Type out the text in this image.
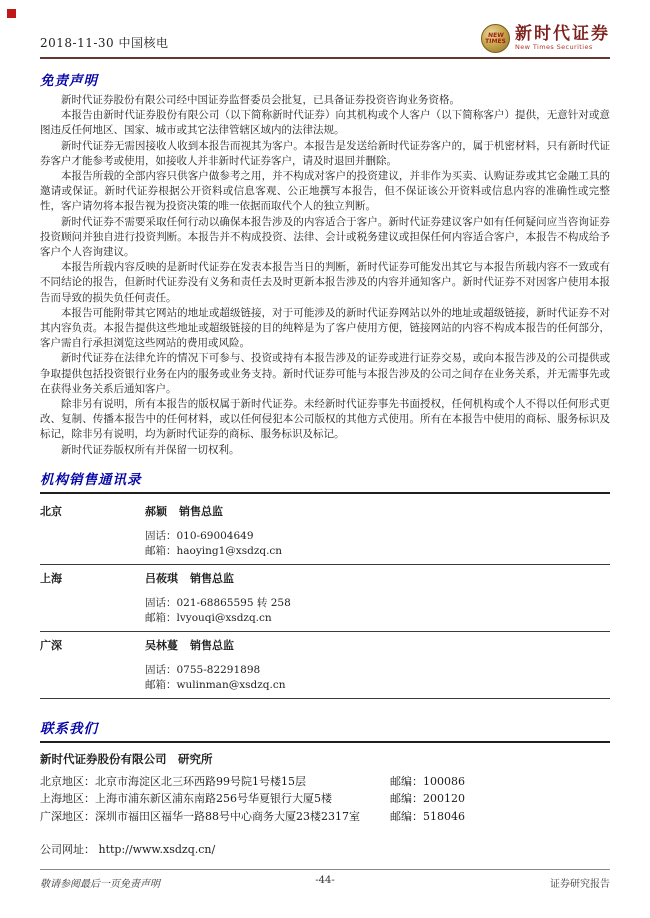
2018-11-30 中国核电
NEW
TIMES 新时代证券
New Times Securities
免责声明

新时代证券股份有限公司经中国证券监督委员会批复，已具备证券投资咨询业务资格。

本报告由新时代证券股份有限公司（以下简称新时代证券）向其机构或个人客户（以下简称客户）提供，无意针对或意图违反任何地区、国家、城市或其它法律管辖区域内的法律法规。

新时代证券无需因接收人收到本报告而视其为客户。本报告是发送给新时代证券客户的，属于机密材料，只有新时代证券客户才能参考或使用，如接收人并非新时代证券客户，请及时退回并删除。

本报告所载的全部内容只供客户做参考之用，并不构成对客户的投资建议，并非作为买卖、认购证券或其它金融工具的邀请或保证。新时代证券根据公开资料或信息客观、公正地撰写本报告，但不保证该公开资料或信息内容的准确性或完整性，客户请勿将本报告视为投资决策的唯一依据而取代个人的独立判断。

新时代证券不需要采取任何行动以确保本报告涉及的内容适合于客户。新时代证券建议客户如有任何疑问应当咨询证券投资顾问并独自进行投资判断。本报告并不构成投资、法律、会计或税务建议或担保任何内容适合客户，本报告不构成给予客户个人咨询建议。

本报告所载内容反映的是新时代证券在发表本报告当日的判断，新时代证券可能发出其它与本报告所载内容不一致或有不同结论的报告，但新时代证券没有义务和责任去及时更新本报告涉及的内容并通知客户。新时代证券不对因客户使用本报告而导致的损失负任何责任。

本报告可能附带其它网站的地址或超级链接，对于可能涉及的新时代证券网站以外的地址或超级链接，新时代证券不对其内容负责。本报告提供这些地址或超级链接的目的纯粹是为了客户使用方便，链接网站的内容不构成本报告的任何部分，客户需自行承担浏览这些网站的费用或风险。

新时代证券在法律允许的情况下可参与、投资或持有本报告涉及的证券或进行证券交易，或向本报告涉及的公司提供或争取提供包括投资银行业务在内的服务或业务支持。新时代证券可能与本报告涉及的公司之间存在业务关系，并无需事先或在获得业务关系后通知客户。

除非另有说明，所有本报告的版权属于新时代证券。未经新时代证券事先书面授权，任何机构或个人不得以任何形式更改、复制、传播本报告中的任何材料，或以任何侵犯本公司版权的其他方式使用。所有在本报告中使用的商标、服务标识及标记，除非另有说明，均为新时代证券的商标、服务标识及标记。

新时代证券版权所有并保留一切权利。

机构销售通讯录
北京	郝颖 销售总监
固话：010-69004649
邮箱：haoying1@xsdzq.cn
上海	吕莜琪 销售总监
固话：021-68865595 转 258
邮箱：lvyouqi@xsdzq.cn
广深	吴林蔓 销售总监
固话：0755-82291898
邮箱：wulinman@xsdzq.cn
联系我们
新时代证券股份有限公司　研究所
北京地区：北京市海淀区北三环西路99号院1号楼15层	邮编：100086
上海地区：上海市浦东新区浦东南路256号华夏银行大厦5楼	邮编：200120
广深地区：深圳市福田区福华一路88号中心商务大厦23楼2317室	邮编：518046
公司网址： http://www.xsdzq.cn/
敬请参阅最后一页免责声明	-44-	证券研究报告
